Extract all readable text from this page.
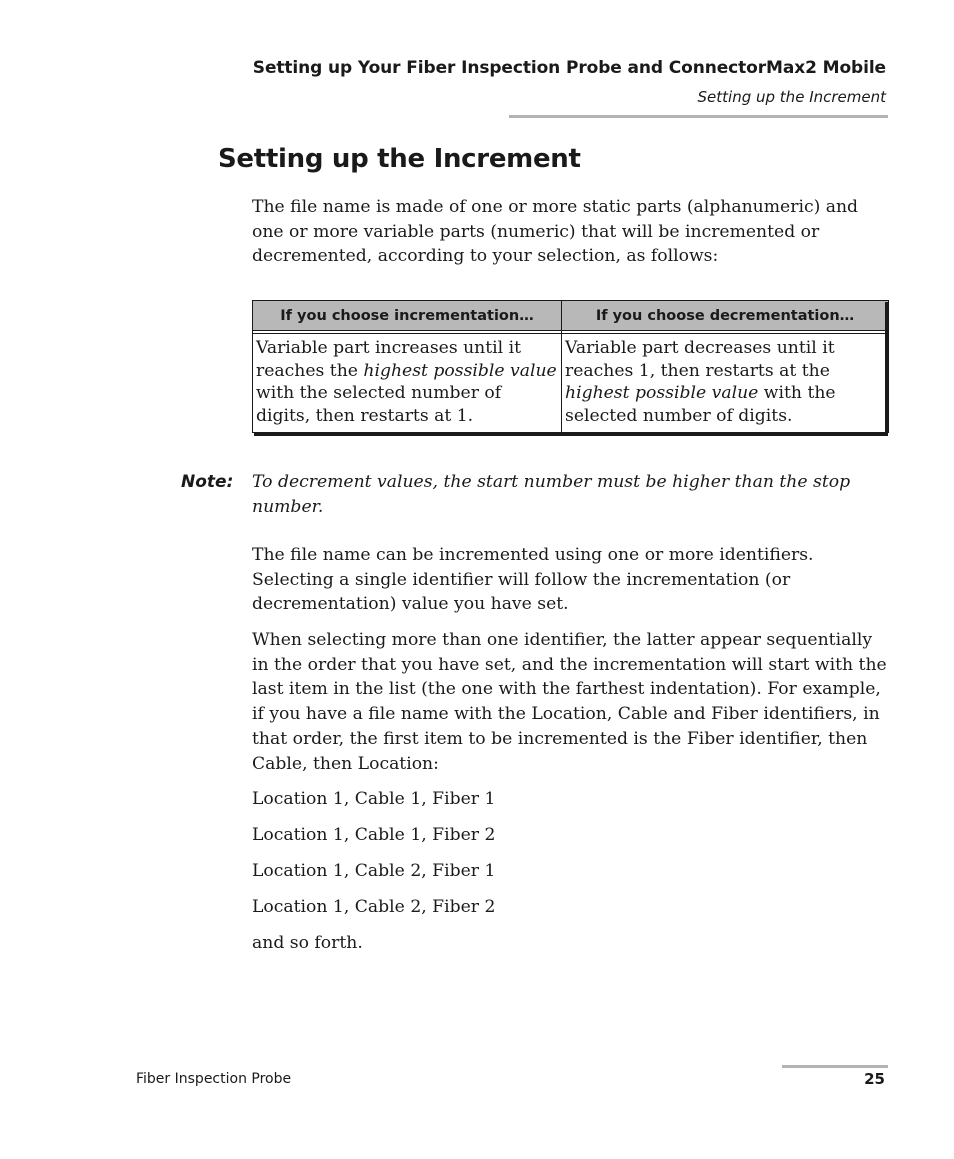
Setting up Your Fiber Inspection Probe and ConnectorMax2 Mobile
Setting up the Increment
Setting up the Increment

The file name is made of one or more static parts (alphanumeric) and one or more variable parts (numeric) that will be incremented or decremented, according to your selection, as follows:

If you choose incrementation…	If you choose decrementation…

Variable part increases until it reaches the highest possible value with the selected number of digits, then restarts at 1.	Variable part decreases until it reaches 1, then restarts at the highest possible value with the selected number of digits.
Note: To decrement values, the start number must be higher than the stop number.

The file name can be incremented using one or more identifiers. Selecting a single identifier will follow the incrementation (or decrementation) value you have set.

When selecting more than one identifier, the latter appear sequentially in the order that you have set, and the incrementation will start with the last item in the list (the one with the farthest indentation). For example, if you have a file name with the Location, Cable and Fiber identifiers, in that order, the first item to be incremented is the Fiber identifier, then Cable, then Location:

Location 1, Cable 1, Fiber 1
Location 1, Cable 1, Fiber 2
Location 1, Cable 2, Fiber 1
Location 1, Cable 2, Fiber 2
and so forth.
Fiber Inspection Probe	25
